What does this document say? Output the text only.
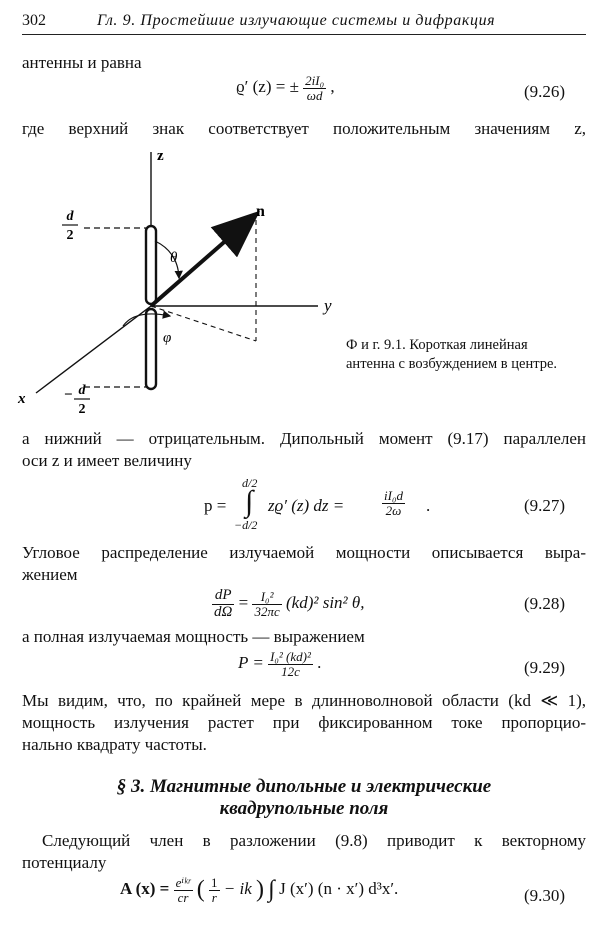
302	Гл. 9. Простейшие излучающие системы и дифракция
антенны и равна
ϱ′ (z) = ± $\frac{\text{2iI₀}}{\omega d}$ ,	(9.26)
где верхний знак соответствует положительным значениям z,
z
y
x
n
θ
φ
d
2
− d
2
Ф и г. 9.1. Короткая линейная
антенна с возбуждением в центре.
а нижний — отрицательным. Дипольный момент (9.17) параллелен
оси z и имеет величину
p =
d/2
∫
−d/2
zϱ′ (z) dz =	$\frac{\text{iI₀d}}{2\omega}$ .	(9.27)
Угловое распределение излучаемой мощности описывается выра-
жением
$\frac{dP}{d\Omega} = \frac{\text{I₀²}}{32\pi c} (kd)^2$ sin² θ,	(9.28)
а полная излучаемая мощность — выражением
$P = \frac{\text{I₀² (kd)²}}{12c}$ .	(9.29)
Мы видим, что, по крайней мере в длинноволновой области (kd ≪ 1),
мощность излучения растет при фиксированном токе пропорцио-
нально квадрату частоты.
§ 3. Магнитные дипольные и электрические
квадрупольные поля
Следующий член в разложении (9.8) приводит к векторному
потенциалу
A $(x) = \frac{\text{eⁱᵏʳ}}{cr}$ ( $\frac{1}{r}$ − ik ) ∫ J (x′) (n · x′) d³x′.	(9.30)
